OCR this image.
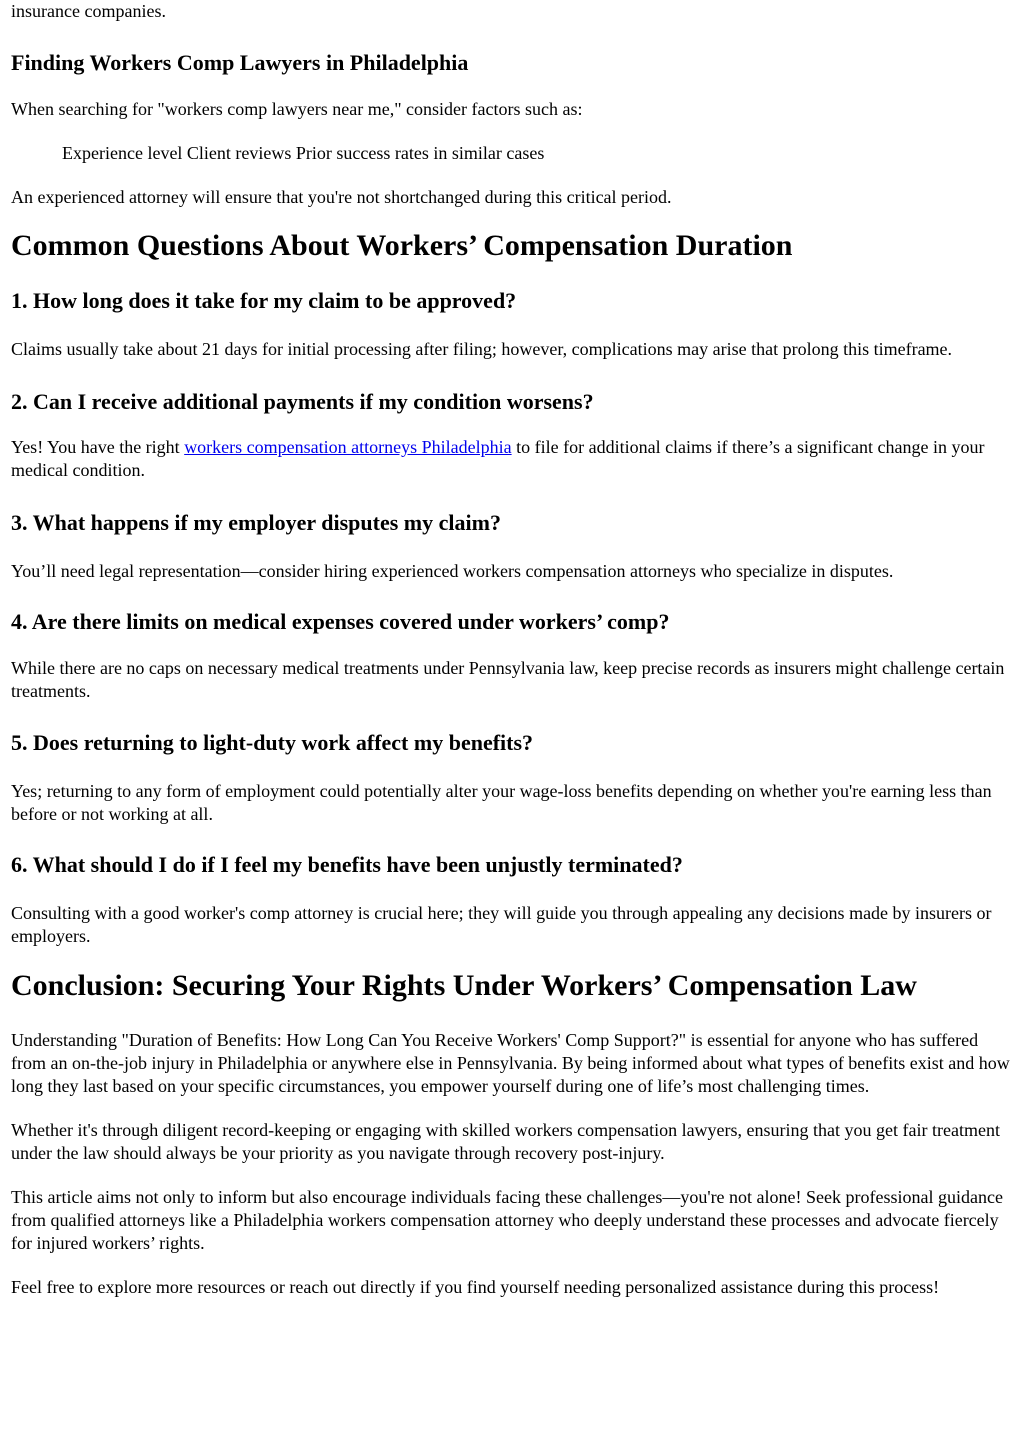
insurance companies.

Finding Workers Comp Lawyers in Philadelphia

When searching for "workers comp lawyers near me," consider factors such as:

Experience level Client reviews Prior success rates in similar cases

An experienced attorney will ensure that you're not shortchanged during this critical period.

Common Questions About Workers’ Compensation Duration
1. How long does it take for my claim to be approved?

Claims usually take about 21 days for initial processing after filing; however, complications may arise that prolong this timeframe.

2. Can I receive additional payments if my condition worsens?

Yes! You have the right workers compensation attorneys Philadelphia to file for additional claims if there’s a significant change in your medical condition.

3. What happens if my employer disputes my claim?

You’ll need legal representation—consider hiring experienced workers compensation attorneys who specialize in disputes.

4. Are there limits on medical expenses covered under workers’ comp?

While there are no caps on necessary medical treatments under Pennsylvania law, keep precise records as insurers might challenge certain treatments.

5. Does returning to light-duty work affect my benefits?

Yes; returning to any form of employment could potentially alter your wage-loss benefits depending on whether you're earning less than before or not working at all.

6. What should I do if I feel my benefits have been unjustly terminated?

Consulting with a good worker's comp attorney is crucial here; they will guide you through appealing any decisions made by insurers or employers.

Conclusion: Securing Your Rights Under Workers’ Compensation Law

Understanding "Duration of Benefits: How Long Can You Receive Workers' Comp Support?" is essential for anyone who has suffered from an on-the-job injury in Philadelphia or anywhere else in Pennsylvania. By being informed about what types of benefits exist and how long they last based on your specific circumstances, you empower yourself during one of life’s most challenging times.

Whether it's through diligent record-keeping or engaging with skilled workers compensation lawyers, ensuring that you get fair treatment under the law should always be your priority as you navigate through recovery post-injury.

This article aims not only to inform but also encourage individuals facing these challenges—you're not alone! Seek professional guidance from qualified attorneys like a Philadelphia workers compensation attorney who deeply understand these processes and advocate fiercely for injured workers’ rights.

Feel free to explore more resources or reach out directly if you find yourself needing personalized assistance during this process!
